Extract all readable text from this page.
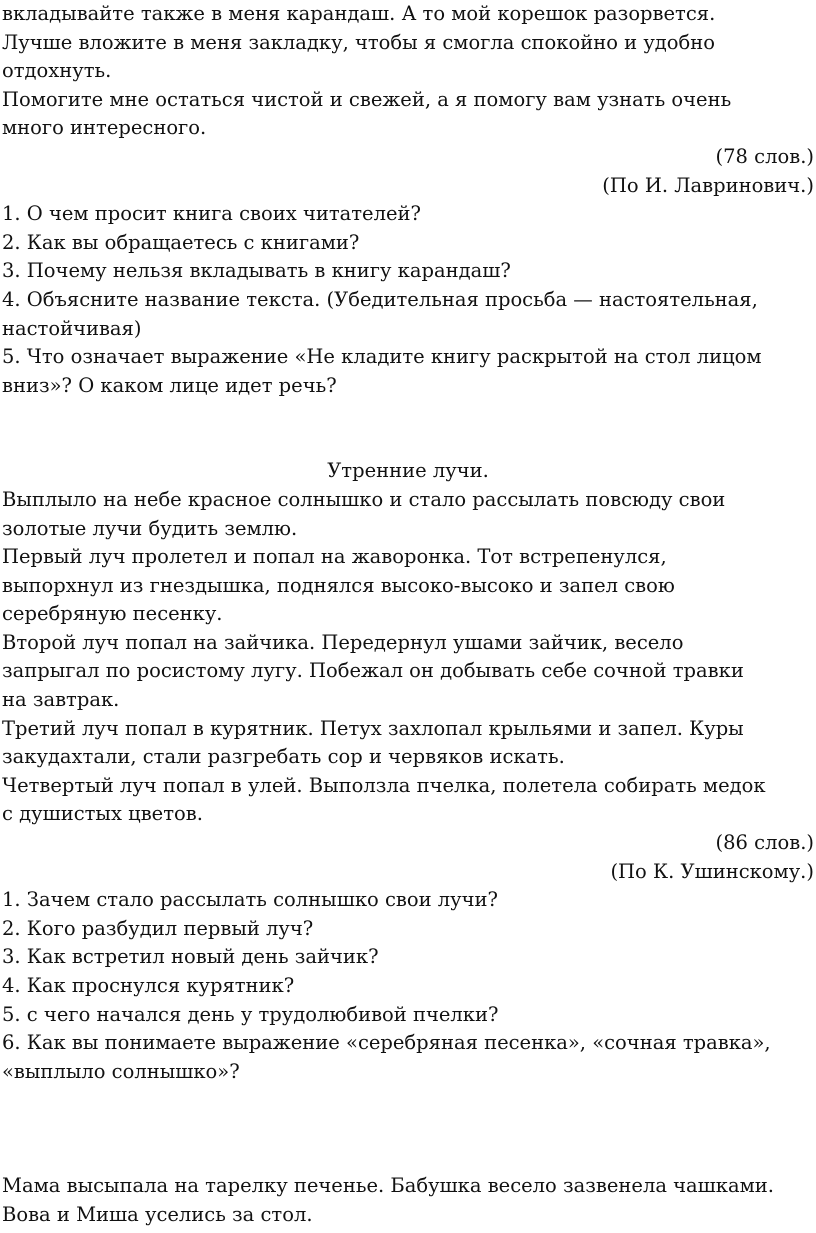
вкладывайте также в меня карандаш. А то мой корешок разорвется.
Лучше вложите в меня закладку, чтобы я смогла спокойно и удобно
отдохнуть.
Помогите мне остаться чистой и свежей, а я помогу вам узнать очень
много интересного.
(78 слов.)
(По И. Лавринович.)
1. О чем просит книга своих читателей?
2. Как вы обращаетесь с книгами?
3. Почему нельзя вкладывать в книгу карандаш?
4. Объясните название текста. (Убедительная просьба — настоятельная,
настойчивая)
5. Что означает выражение «Не кладите книгу раскрытой на стол лицом
вниз»? О каком лице идет речь?
Утренние лучи.
Выплыло на небе красное солнышко и стало рассылать повсюду свои
золотые лучи будить землю.
Первый луч пролетел и попал на жаворонка. Тот встрепенулся,
выпорхнул из гнездышка, поднялся высоко-высоко и запел свою
серебряную песенку.
Второй луч попал на зайчика. Передернул ушами зайчик, весело
запрыгал по росистому лугу. Побежал он добывать себе сочной травки
на завтрак.
Третий луч попал в курятник. Петух захлопал крыльями и запел. Куры
закудахтали, стали разгребать сор и червяков искать.
Четвертый луч попал в улей. Выползла пчелка, полетела собирать медок
с душистых цветов.
(86 слов.)
(По К. Ушинскому.)
1. Зачем стало рассылать солнышко свои лучи?
2. Кого разбудил первый луч?
3. Как встретил новый день зайчик?
4. Как проснулся курятник?
5. с чего начался день у трудолюбивой пчелки?
6. Как вы понимаете выражение «серебряная песенка», «сочная травка»,
«выплыло солнышко»?
Мама высыпала на тарелку печенье. Бабушка весело зазвенела чашками.
Вова и Миша уселись за стол.
